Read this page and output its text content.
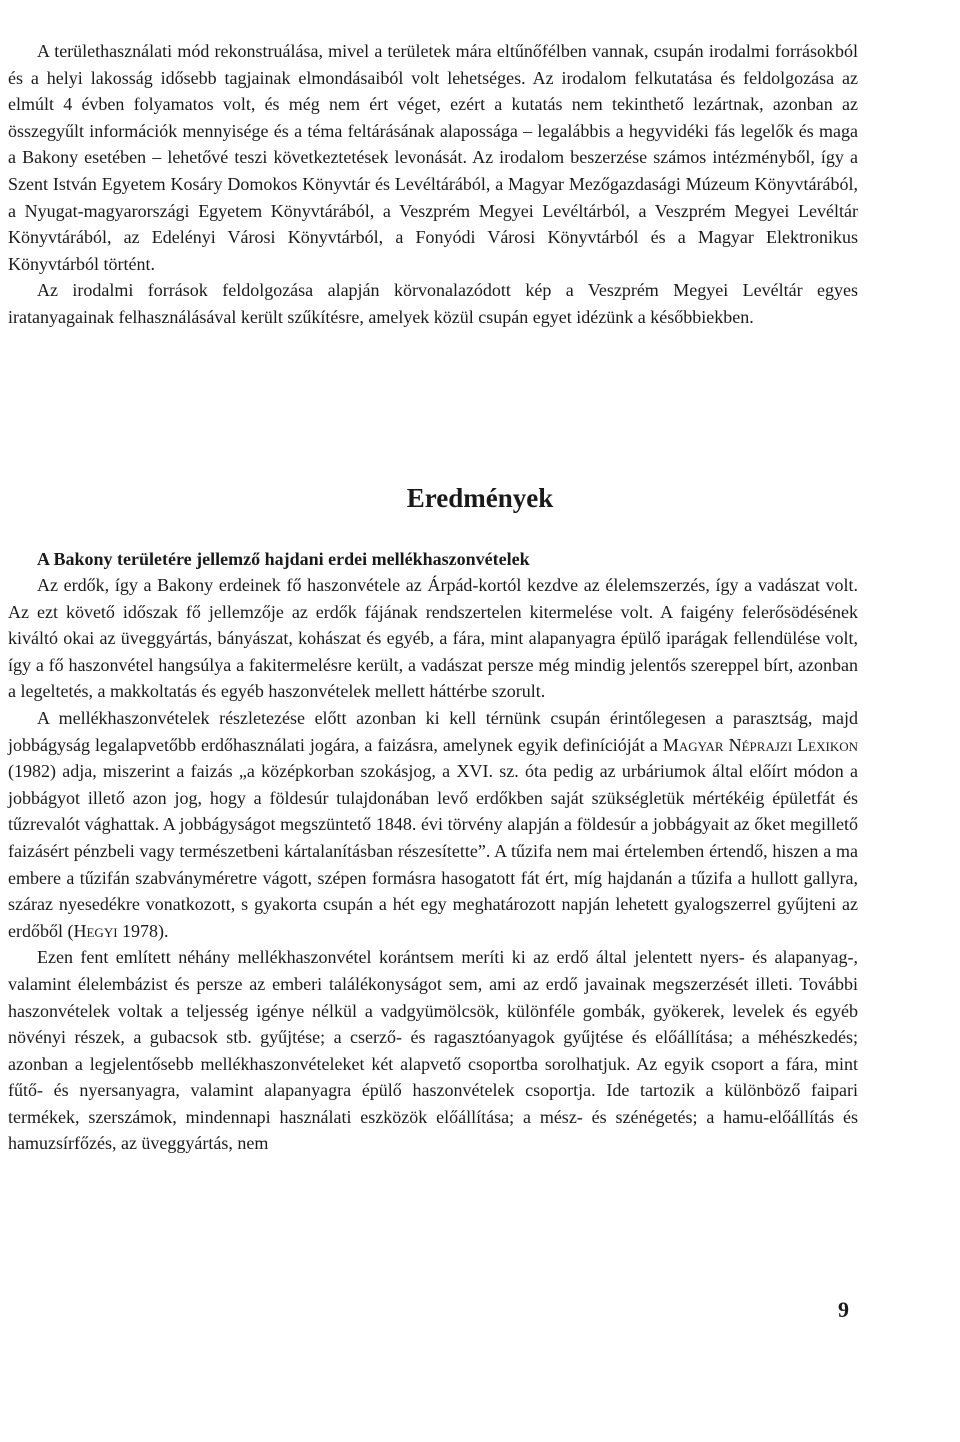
A területhasználati mód rekonstruálása, mivel a területek mára eltűnőfélben vannak, csupán irodalmi forrásokból és a helyi lakosság idősebb tagjainak elmondásaiból volt lehetséges. Az irodalom felkutatása és feldolgozása az elmúlt 4 évben folyamatos volt, és még nem ért véget, ezért a kutatás nem tekinthető lezártnak, azonban az összegyűlt információk mennyisége és a téma feltárásának alapossága – legalábbis a hegyvidéki fás legelők és maga a Bakony esetében – lehetővé teszi következtetések levonását. Az irodalom beszerzése számos intézményből, így a Szent István Egyetem Kosáry Domokos Könyvtár és Levéltárából, a Magyar Mezőgazdasági Múzeum Könyvtárából, a Nyugat-magyarországi Egyetem Könyvtárából, a Veszprém Megyei Levéltárból, a Veszprém Megyei Levéltár Könyvtárából, az Edelényi Városi Könyvtárból, a Fonyódi Városi Könyvtárból és a Magyar Elektronikus Könyvtárból történt.

Az irodalmi források feldolgozása alapján körvonalazódott kép a Veszprém Megyei Levéltár egyes iratanyagainak felhasználásával került szűkítésre, amelyek közül csupán egyet idézünk a későbbiekben.

Eredmények
A Bakony területére jellemző hajdani erdei mellékhaszonvételek

Az erdők, így a Bakony erdeinek fő haszonvétele az Árpád-kortól kezdve az élelemszerzés, így a vadászat volt. Az ezt követő időszak fő jellemzője az erdők fájának rendszertelen kitermelése volt. A faigény felerősödésének kiváltó okai az üveggyártás, bányászat, kohászat és egyéb, a fára, mint alapanyagra épülő iparágak fellendülése volt, így a fő haszonvétel hangsúlya a fakitermelésre került, a vadászat persze még mindig jelentős szereppel bírt, azonban a legeltetés, a makkoltatás és egyéb haszonvételek mellett háttérbe szorult.

A mellékhaszonvételek részletezése előtt azonban ki kell térnünk csupán érintőlegesen a parasztság, majd jobbágyság legalapvetőbb erdőhasználati jogára, a faizásra, amelynek egyik definícióját a Magyar Néprajzi Lexikon (1982) adja, miszerint a faizás „a középkorban szokásjog, a XVI. sz. óta pedig az urbáriumok által előírt módon a jobbágyot illető azon jog, hogy a földesúr tulajdonában levő erdőkben saját szükségletük mértékéig épületfát és tűzrevalót vághattak. A jobbágyságot megszüntető 1848. évi törvény alapján a földesúr a jobbágyait az őket megillető faizásért pénzbeli vagy természetbeni kártalanításban részesítette”. A tűzifa nem mai értelemben értendő, hiszen a ma embere a tűzifán szabványméretre vágott, szépen formásra hasogatott fát ért, míg hajdanán a tűzifa a hullott gallyra, száraz nyesedékre vonatkozott, s gyakorta csupán a hét egy meghatározott napján lehetett gyalogszerrel gyűjteni az erdőből (Hegyi 1978).

Ezen fent említett néhány mellékhaszonvétel korántsem meríti ki az erdő által jelentett nyers- és alapanyag-, valamint élelembázist és persze az emberi találékonyságot sem, ami az erdő javainak megszerzését illeti. További haszonvételek voltak a teljesség igénye nélkül a vadgyümölcsök, különféle gombák, gyökerek, levelek és egyéb növényi részek, a gubacsok stb. gyűjtése; a cserző- és ragasztóanyagok gyűjtése és előállítása; a méhészkedés; azonban a legjelentősebb mellékhaszonvételeket két alapvető csoportba sorolhatjuk. Az egyik csoport a fára, mint fűtő- és nyersanyagra, valamint alapanyagra épülő haszonvételek csoportja. Ide tartozik a különböző faipari termékek, szerszámok, mindennapi használati eszközök előállítása; a mész- és szénégetés; a hamu-előállítás és hamuzsírfőzés, az üveggyártás, nem

9
